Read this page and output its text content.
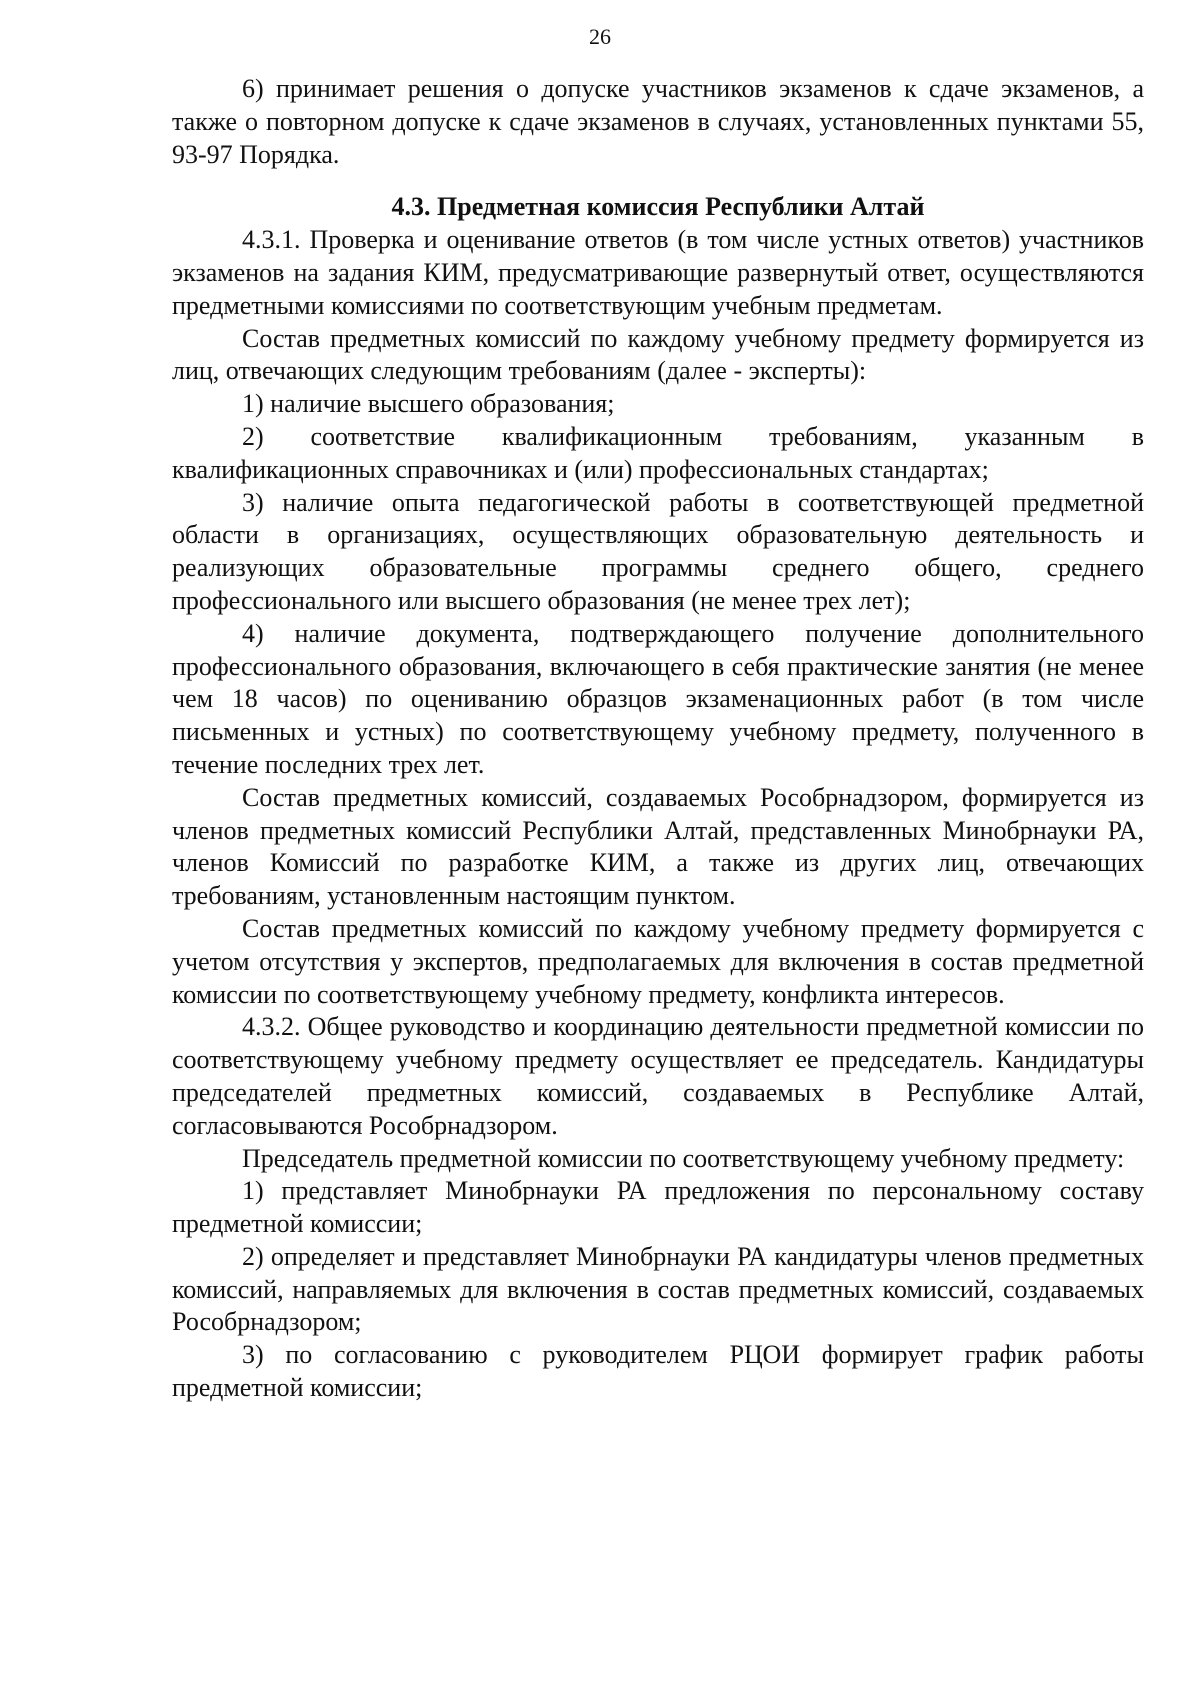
26

6) принимает решения о допуске участников экзаменов к сдаче экзаменов, а также о повторном допуске к сдаче экзаменов в случаях, установленных пунктами 55, 93-97 Порядка.

4.3. Предметная комиссия Республики Алтай

4.3.1. Проверка и оценивание ответов (в том числе устных ответов) участников экзаменов на задания КИМ, предусматривающие развернутый ответ, осуществляются предметными комиссиями по соответствующим учебным предметам.

Состав предметных комиссий по каждому учебному предмету формируется из лиц, отвечающих следующим требованиям (далее - эксперты):

1) наличие высшего образования;

2) соответствие квалификационным требованиям, указанным в квалификационных справочниках и (или) профессиональных стандартах;

3) наличие опыта педагогической работы в соответствующей предметной области в организациях, осуществляющих образовательную деятельность и реализующих образовательные программы среднего общего, среднего профессионального или высшего образования (не менее трех лет);

4) наличие документа, подтверждающего получение дополнительного профессионального образования, включающего в себя практические занятия (не менее чем 18 часов) по оцениванию образцов экзаменационных работ (в том числе письменных и устных) по соответствующему учебному предмету, полученного в течение последних трех лет.

Состав предметных комиссий, создаваемых Рособрнадзором, формируется из членов предметных комиссий Республики Алтай, представленных Минобрнауки РА, членов Комиссий по разработке КИМ, а также из других лиц, отвечающих требованиям, установленным настоящим пунктом.

Состав предметных комиссий по каждому учебному предмету формируется с учетом отсутствия у экспертов, предполагаемых для включения в состав предметной комиссии по соответствующему учебному предмету, конфликта интересов.

4.3.2. Общее руководство и координацию деятельности предметной комиссии по соответствующему учебному предмету осуществляет ее председатель. Кандидатуры председателей предметных комиссий, создаваемых в Республике Алтай, согласовываются Рособрнадзором.

Председатель предметной комиссии по соответствующему учебному предмету:

1) представляет Минобрнауки РА предложения по персональному составу предметной комиссии;

2) определяет и представляет Минобрнауки РА кандидатуры членов предметных комиссий, направляемых для включения в состав предметных комиссий, создаваемых Рособрнадзором;

3) по согласованию с руководителем РЦОИ формирует график работы предметной комиссии;
